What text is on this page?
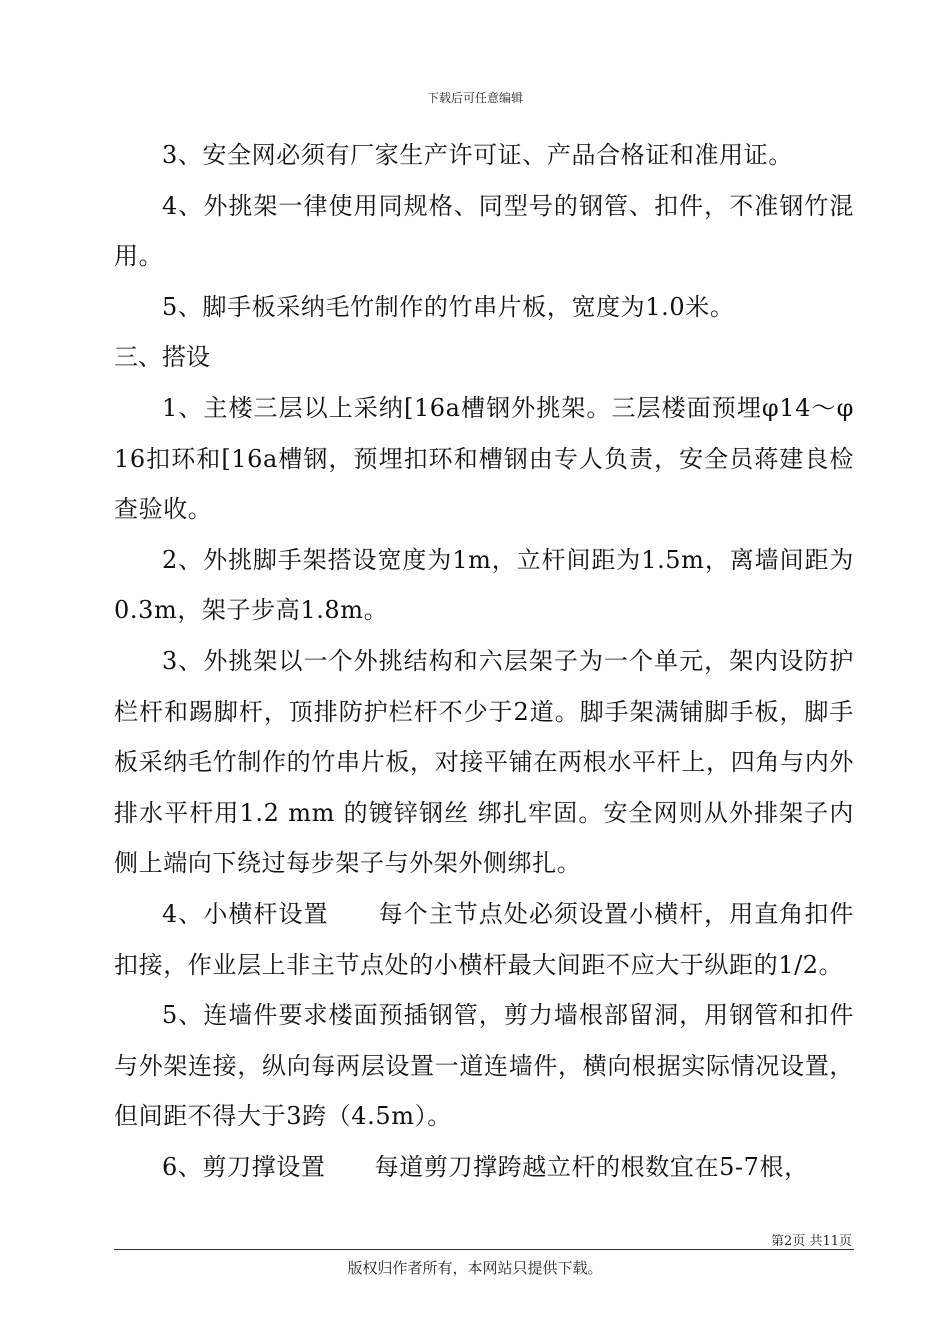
下载后可任意编辑

3、安全网必须有厂家生产许可证、产品合格证和准用证。

4、外挑架一律使用同规格、同型号的钢管、扣件，不准钢竹混用。

5、脚手板采纳毛竹制作的竹串片板，宽度为1.0米。

三、搭设

1、主楼三层以上采纳[16a槽钢外挑架。三层楼面预埋φ14～φ16扣环和[16a槽钢，预埋扣环和槽钢由专人负责，安全员蒋建良检查验收。

2、外挑脚手架搭设宽度为1m，立杆间距为1.5m，离墙间距为0.3m，架子步高1.8m。

3、外挑架以一个外挑结构和六层架子为一个单元，架内设防护栏杆和踢脚杆，顶排防护栏杆不少于2道。脚手架满铺脚手板，脚手板采纳毛竹制作的竹串片板，对接平铺在两根水平杆上，四角与内外排水平杆用1.2 mm 的镀锌钢丝 绑扎牢固。安全网则从外排架子内侧上端向下绕过每步架子与外架外侧绑扎。

4、小横杆设置　　每个主节点处必须设置小横杆，用直角扣件扣接，作业层上非主节点处的小横杆最大间距不应大于纵距的1/2。

5、连墙件要求楼面预插钢管，剪力墙根部留洞，用钢管和扣件与外架连接，纵向每两层设置一道连墙件，横向根据实际情况设置，但间距不得大于3跨（4.5m）。

6、剪刀撑设置　　每道剪刀撑跨越立杆的根数宜在5-7根，

第2页 共11页
版权归作者所有，本网站只提供下载。
